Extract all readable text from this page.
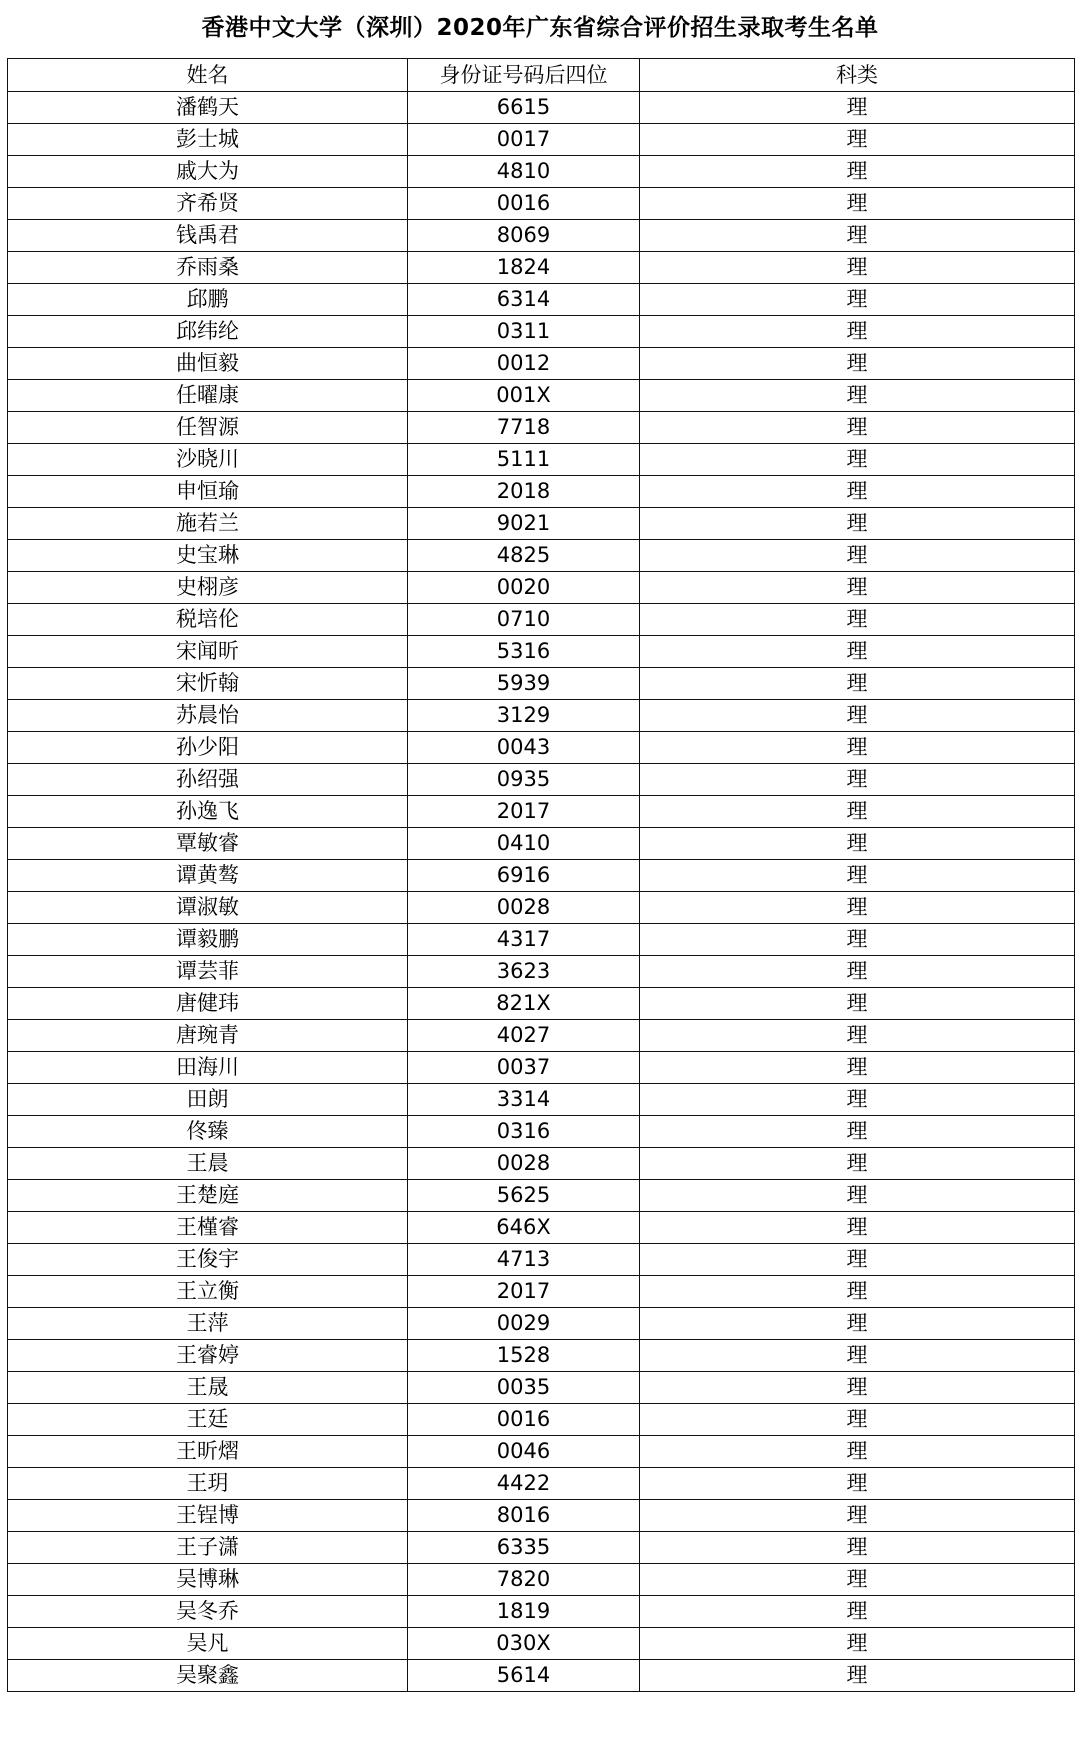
香港中文大学（深圳）2020年广东省综合评价招生录取考生名单
姓名	身份证号码后四位	科类
潘鹤天	6615	理
彭士城	0017	理
戚大为	4810	理
齐希贤	0016	理
钱禹君	8069	理
乔雨桑	1824	理
邱鹏	6314	理
邱纬纶	0311	理
曲恒毅	0012	理
任曜康	001X	理
任智源	7718	理
沙晓川	5111	理
申恒瑜	2018	理
施若兰	9021	理
史宝琳	4825	理
史栩彦	0020	理
税培伦	0710	理
宋闻昕	5316	理
宋忻翰	5939	理
苏晨怡	3129	理
孙少阳	0043	理
孙绍强	0935	理
孙逸飞	2017	理
覃敏睿	0410	理
谭黄骜	6916	理
谭淑敏	0028	理
谭毅鹏	4317	理
谭芸菲	3623	理
唐健玮	821X	理
唐琬青	4027	理
田海川	0037	理
田朗	3314	理
佟臻	0316	理
王晨	0028	理
王楚庭	5625	理
王槿睿	646X	理
王俊宇	4713	理
王立衡	2017	理
王萍	0029	理
王睿婷	1528	理
王晟	0035	理
王廷	0016	理
王昕熠	0046	理
王玥	4422	理
王锃博	8016	理
王子潇	6335	理
吴博琳	7820	理
吴冬乔	1819	理
吴凡	030X	理
吴聚鑫	5614	理
